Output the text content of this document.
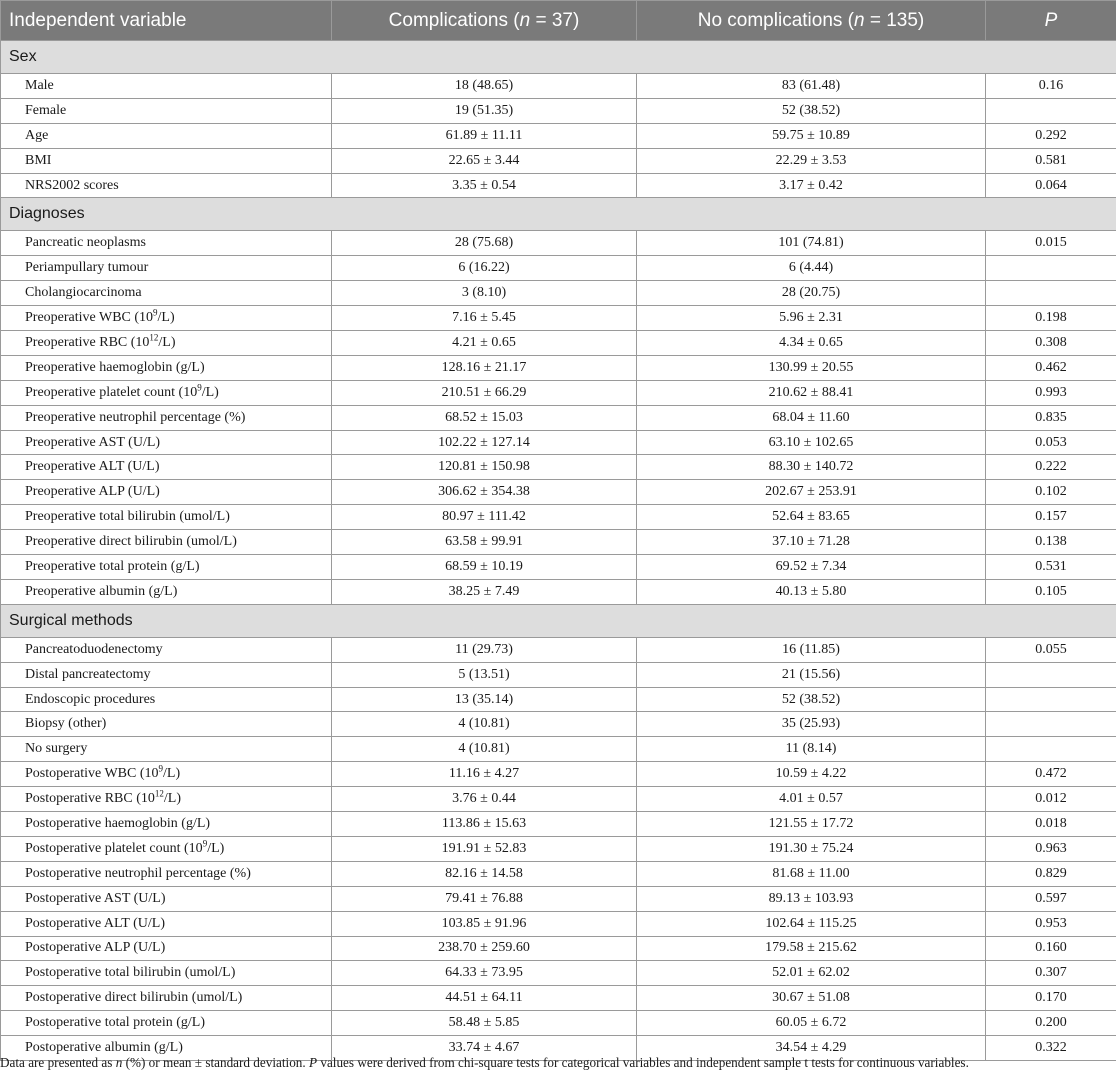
Independent variable	Complications (n = 37)	No complications (n = 135)	P
Sex			
Male	18 (48.65)	83 (61.48)	0.16
Female	19 (51.35)	52 (38.52)	
Age	61.89 ± 11.11	59.75 ± 10.89	0.292
BMI	22.65 ± 3.44	22.29 ± 3.53	0.581
NRS2002 scores	3.35 ± 0.54	3.17 ± 0.42	0.064
Diagnoses			
Pancreatic neoplasms	28 (75.68)	101 (74.81)	0.015
Periampullary tumour	6 (16.22)	6 (4.44)	
Cholangiocarcinoma	3 (8.10)	28 (20.75)	
Preoperative WBC $(10^9/L)$	7.16 ± 5.45	5.96 ± 2.31	0.198
Preoperative RBC $(10^{12}/L)$	4.21 ± 0.65	4.34 ± 0.65	0.308
Preoperative haemoglobin (g/L)	128.16 ± 21.17	130.99 ± 20.55	0.462
Preoperative platelet count $(10^9/L)$	210.51 ± 66.29	210.62 ± 88.41	0.993
Preoperative neutrophil percentage (%)	68.52 ± 15.03	68.04 ± 11.60	0.835
Preoperative AST (U/L)	102.22 ± 127.14	63.10 ± 102.65	0.053
Preoperative ALT (U/L)	120.81 ± 150.98	88.30 ± 140.72	0.222
Preoperative ALP (U/L)	306.62 ± 354.38	202.67 ± 253.91	0.102
Preoperative total bilirubin (umol/L)	80.97 ± 111.42	52.64 ± 83.65	0.157
Preoperative direct bilirubin (umol/L)	63.58 ± 99.91	37.10 ± 71.28	0.138
Preoperative total protein (g/L)	68.59 ± 10.19	69.52 ± 7.34	0.531
Preoperative albumin (g/L)	38.25 ± 7.49	40.13 ± 5.80	0.105
Surgical methods			
Pancreatoduodenectomy	11 (29.73)	16 (11.85)	0.055
Distal pancreatectomy	5 (13.51)	21 (15.56)	
Endoscopic procedures	13 (35.14)	52 (38.52)	
Biopsy (other)	4 (10.81)	35 (25.93)	
No surgery	4 (10.81)	11 (8.14)	
Postoperative WBC $(10^9/L)$	11.16 ± 4.27	10.59 ± 4.22	0.472
Postoperative RBC $(10^{12}/L)$	3.76 ± 0.44	4.01 ± 0.57	0.012
Postoperative haemoglobin (g/L)	113.86 ± 15.63	121.55 ± 17.72	0.018
Postoperative platelet count $(10^9/L)$	191.91 ± 52.83	191.30 ± 75.24	0.963
Postoperative neutrophil percentage (%)	82.16 ± 14.58	81.68 ± 11.00	0.829
Postoperative AST (U/L)	79.41 ± 76.88	89.13 ± 103.93	0.597
Postoperative ALT (U/L)	103.85 ± 91.96	102.64 ± 115.25	0.953
Postoperative ALP (U/L)	238.70 ± 259.60	179.58 ± 215.62	0.160
Postoperative total bilirubin (umol/L)	64.33 ± 73.95	52.01 ± 62.02	0.307
Postoperative direct bilirubin (umol/L)	44.51 ± 64.11	30.67 ± 51.08	0.170
Postoperative total protein (g/L)	58.48 ± 5.85	60.05 ± 6.72	0.200
Postoperative albumin (g/L)	33.74 ± 4.67	34.54 ± 4.29	0.322
Data are presented as n (%) or mean ± standard deviation. P values were derived from chi-square tests for categorical variables and independent sample t tests for continuous variables.
